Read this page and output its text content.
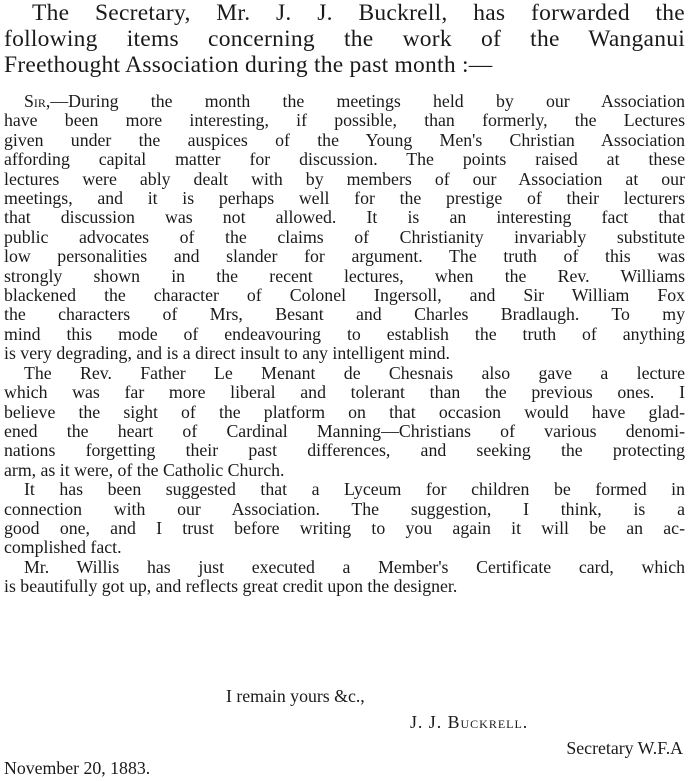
The Secretary, Mr. J. J. Buckrell, has forwarded the
following items concerning the work of the Wanganui
Freethought Association during the past month :—
Sir,—During the month the meetings held by our Association
have been more interesting, if possible, than formerly, the Lectures
given under the auspices of the Young Men's Christian Association
affording capital matter for discussion. The points raised at these
lectures were ably dealt with by members of our Association at our
meetings, and it is perhaps well for the prestige of their lecturers
that discussion was not allowed. It is an interesting fact that
public advocates of the claims of Christianity invariably substitute
low personalities and slander for argument. The truth of this was
strongly shown in the recent lectures, when the Rev. Williams
blackened the character of Colonel Ingersoll, and Sir William Fox
the characters of Mrs, Besant and Charles Bradlaugh. To my
mind this mode of endeavouring to establish the truth of anything
is very degrading, and is a direct insult to any intelligent mind.
The Rev. Father Le Menant de Chesnais also gave a lecture
which was far more liberal and tolerant than the previous ones. I
believe the sight of the platform on that occasion would have glad-
ened the heart of Cardinal Manning—Christians of various denomi-
nations forgetting their past differences, and seeking the protecting
arm, as it were, of the Catholic Church.
It has been suggested that a Lyceum for children be formed in
connection with our Association. The suggestion, I think, is a
good one, and I trust before writing to you again it will be an ac-
complished fact.
Mr. Willis has just executed a Member's Certificate card, which
is beautifully got up, and reflects great credit upon the designer.
I remain yours &c.,
J. J. Buckrell.
Secretary W.F.A
November 20, 1883.
